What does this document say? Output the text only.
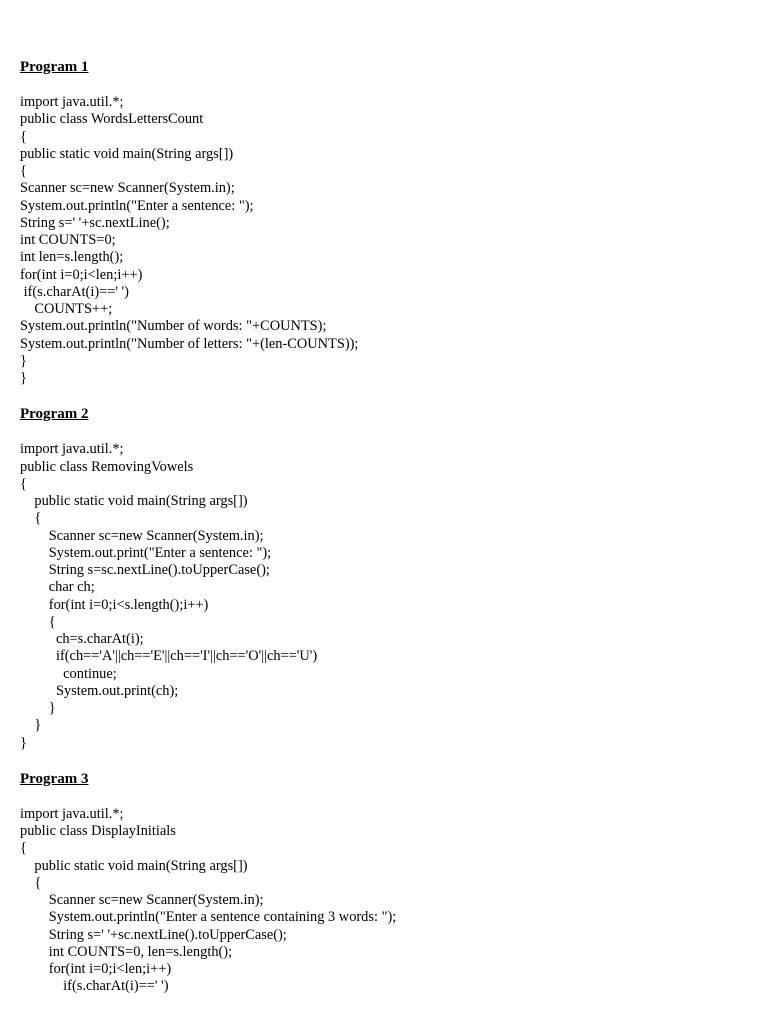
Program 1
import java.util.*;
public class WordsLettersCount
{
public static void main(String args[])
{
Scanner sc=new Scanner(System.in);
System.out.println("Enter a sentence: ");
String s=' '+sc.nextLine();
int COUNTS=0;
int len=s.length();
for(int i=0;i<len;i++)
if(s.charAt(i)==' ')
COUNTS++;
System.out.println("Number of words: "+COUNTS);
System.out.println("Number of letters: "+(len-COUNTS));
}
}
Program 2
import java.util.*;
public class RemovingVowels
{
public static void main(String args[])
{
Scanner sc=new Scanner(System.in);
System.out.print("Enter a sentence: ");
String s=sc.nextLine().toUpperCase();
char ch;
for(int i=0;i<s.length();i++)
{
ch=s.charAt(i);
if(ch=='A'||ch=='E'||ch=='I'||ch=='O'||ch=='U')
continue;
System.out.print(ch);
}
}
}
Program 3
import java.util.*;
public class DisplayInitials
{
public static void main(String args[])
{
Scanner sc=new Scanner(System.in);
System.out.println("Enter a sentence containing 3 words: ");
String s=' '+sc.nextLine().toUpperCase();
int COUNTS=0, len=s.length();
for(int i=0;i<len;i++)
if(s.charAt(i)==' ')
